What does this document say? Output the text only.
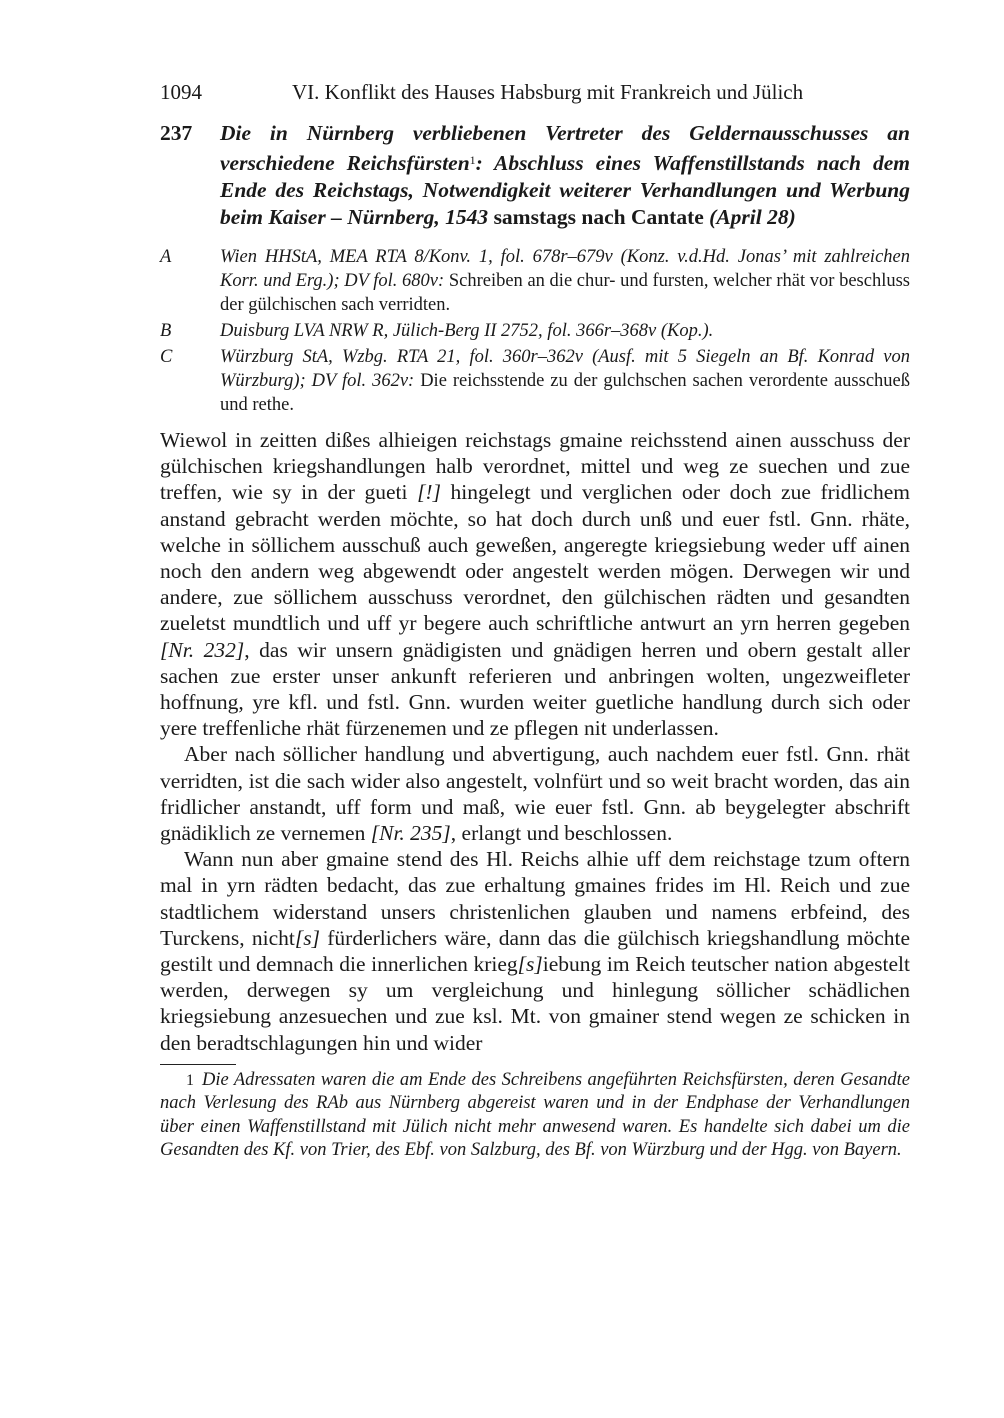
1094	VI. Konflikt des Hauses Habsburg mit Frankreich und Jülich
237	Die in Nürnberg verbliebenen Vertreter des Geldernausschusses an verschiedene Reichsfürsten$^1$: Abschluss eines Waffenstillstands nach dem Ende des Reichstags, Notwendigkeit weiterer Verhandlungen und Werbung beim Kaiser – Nürnberg, 1543 samstags nach Cantate (April 28)
A	Wien HHStA, MEA RTA 8/Konv. 1, fol. 678r–679v (Konz. v.d.Hd. Jonas’ mit zahlreichen Korr. und Erg.); DV fol. 680v: Schreiben an die chur- und fursten, welcher rhät vor beschluss der gülchischen sach verridten.
B	Duisburg LVA NRW R, Jülich-Berg II 2752, fol. 366r–368v (Kop.).
C	Würzburg StA, Wzbg. RTA 21, fol. 360r–362v (Ausf. mit 5 Siegeln an Bf. Konrad von Würzburg); DV fol. 362v: Die reichsstende zu der gulchschen sachen verordente ausschueß und rethe.

Wiewol in zeitten dißes alhieigen reichstags gmaine reichsstend ainen ausschuss der gülchischen kriegshandlungen halb verordnet, mittel und weg ze suechen und zue treffen, wie sy in der gueti [!] hingelegt und verglichen oder doch zue fridlichem anstand gebracht werden möchte, so hat doch durch unß und euer fstl. Gnn. rhäte, welche in söllichem ausschuß auch geweßen, angeregte kriegsiebung weder uff ainen noch den andern weg abgewendt oder angestelt werden mögen. Derwegen wir und andere, zue söllichem ausschuss verordnet, den gülchischen rädten und gesandten zueletst mundtlich und uff yr begere auch schriftliche antwurt an yrn herren gegeben [Nr. 232], das wir unsern gnädigisten und gnädigen herren und obern gestalt aller sachen zue erster unser ankunft referieren und anbringen wolten, ungezweifleter hoffnung, yre kfl. und fstl. Gnn. wurden weiter guetliche handlung durch sich oder yere treffenliche rhät fürzenemen und ze pflegen nit underlassen.

Aber nach söllicher handlung und abvertigung, auch nachdem euer fstl. Gnn. rhät verridten, ist die sach wider also angestelt, volnfürt und so weit bracht worden, das ain fridlicher anstandt, uff form und maß, wie euer fstl. Gnn. ab beygelegter abschrift gnädiklich ze vernemen [Nr. 235], erlangt und beschlossen.

Wann nun aber gmaine stend des Hl. Reichs alhie uff dem reichstage tzum oftern mal in yrn rädten bedacht, das zue erhaltung gmaines frides im Hl. Reich und zue stadtlichem widerstand unsers christenlichen glauben und namens erbfeind, des Turckens, nicht[s] fürderlichers wäre, dann das die gülchisch kriegshandlung möchte gestilt und demnach die innerlichen krieg[s]iebung im Reich teutscher nation abgestelt werden, derwegen sy um vergleichung und hinlegung söllicher schädlichen kriegsiebung anzesuechen und zue ksl. Mt. von gmainer stend wegen ze schicken in den beradtschlagungen hin und wider

1 Die Adressaten waren die am Ende des Schreibens angeführten Reichsfürsten, deren Gesandte nach Verlesung des RAb aus Nürnberg abgereist waren und in der Endphase der Verhandlungen über einen Waffenstillstand mit Jülich nicht mehr anwesend waren. Es handelte sich dabei um die Gesandten des Kf. von Trier, des Ebf. von Salzburg, des Bf. von Würzburg und der Hgg. von Bayern.
